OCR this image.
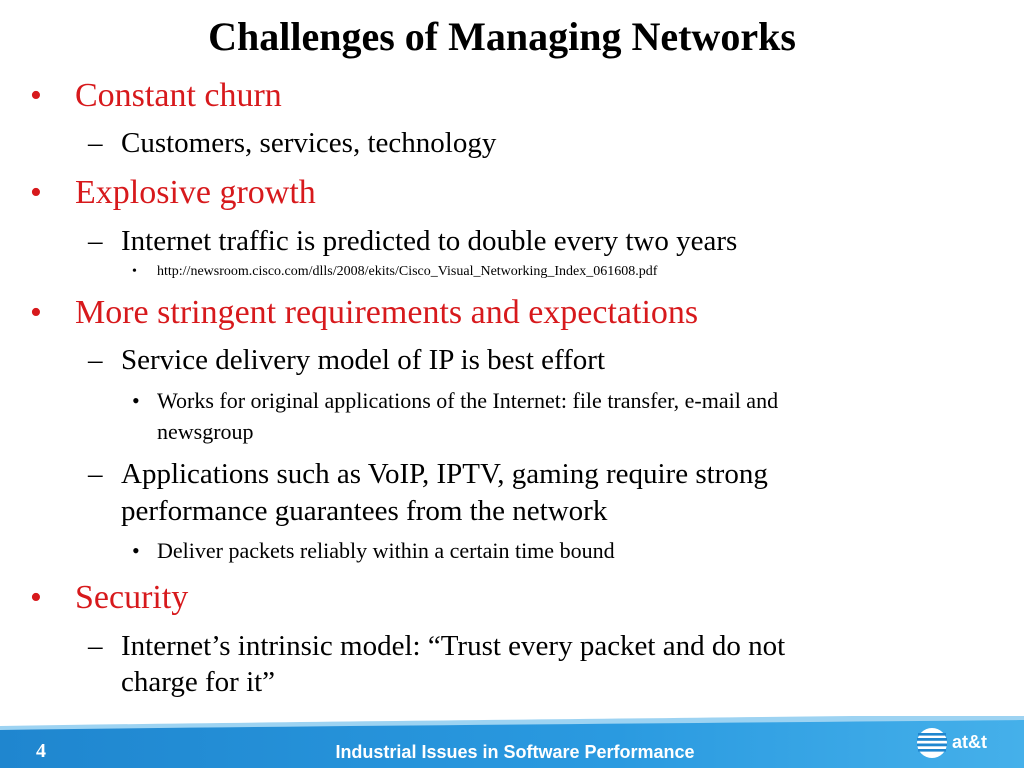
Challenges of Managing Networks
• Constant churn
– Customers, services, technology
• Explosive growth
– Internet traffic is predicted to double every two years
• http://newsroom.cisco.com/dlls/2008/ekits/Cisco_Visual_Networking_Index_061608.pdf
• More stringent requirements and expectations
– Service delivery model of IP is best effort
• Works for original applications of the Internet: file transfer, e-mail and
newsgroup
– Applications such as VoIP, IPTV, gaming require strong
performance guarantees from the network
• Deliver packets reliably within a certain time bound
• Security
– Internet’s intrinsic model: “Trust every packet and do not
charge for it”
4	Industrial Issues in Software Performance	at&t
